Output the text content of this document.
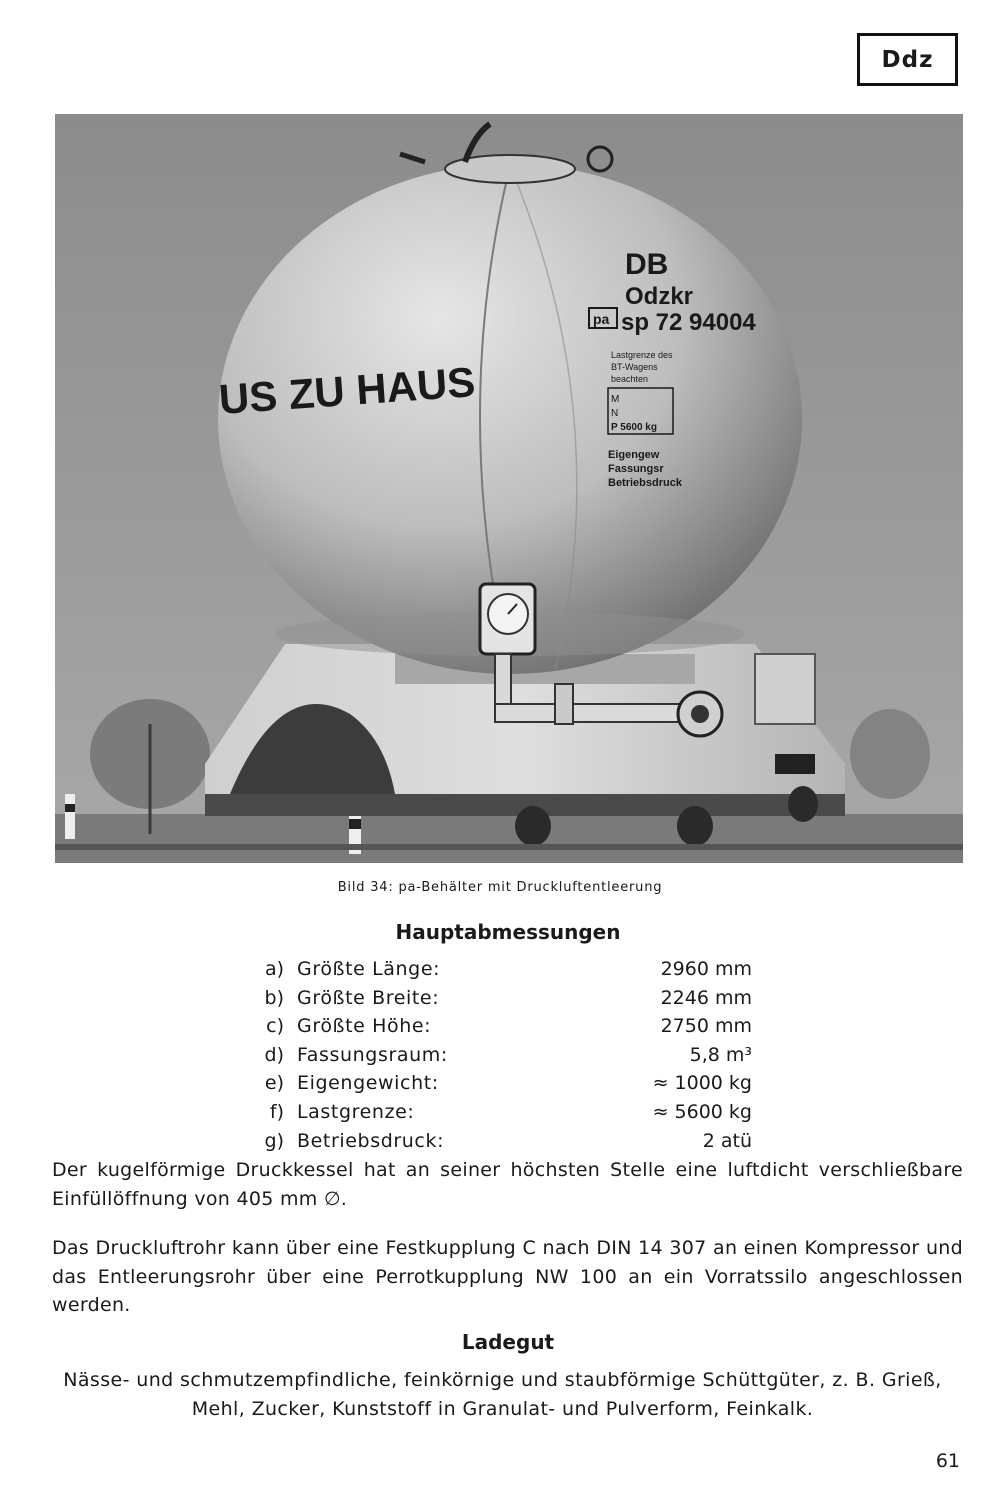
Ddz
US ZU HAUS
DB
Odzkr
pa sp 72 94004
Lastgrenze des
BT-Wagens
beachten
M
N
P 5600 kg
Eigengew
Fassungsr
Betriebsdruck
Bild 34: pa-Behälter mit Druckluftentleerung
Hauptabmessungen
a) Größte Länge:	2960 mm
b) Größte Breite:	2246 mm
c) Größte Höhe:	2750 mm
d) Fassungsraum:	5,8 m³
e) Eigengewicht:	≈ 1000 kg
f) Lastgrenze:	≈ 5600 kg
g) Betriebsdruck:	2 atü

Der kugelförmige Druckkessel hat an seiner höchsten Stelle eine luftdicht verschließbare Einfüllöffnung von 405 mm ∅.

Das Druckluftrohr kann über eine Festkupplung C nach DIN 14 307 an einen Kompressor und das Entleerungsrohr über eine Perrotkupplung NW 100 an ein Vorratssilo angeschlossen werden.

Ladegut
Nässe- und schmutzempfindliche, feinkörnige und staubförmige Schüttgüter, z. B. Grieß, Mehl, Zucker, Kunststoff in Granulat- und Pulverform, Feinkalk.
61
